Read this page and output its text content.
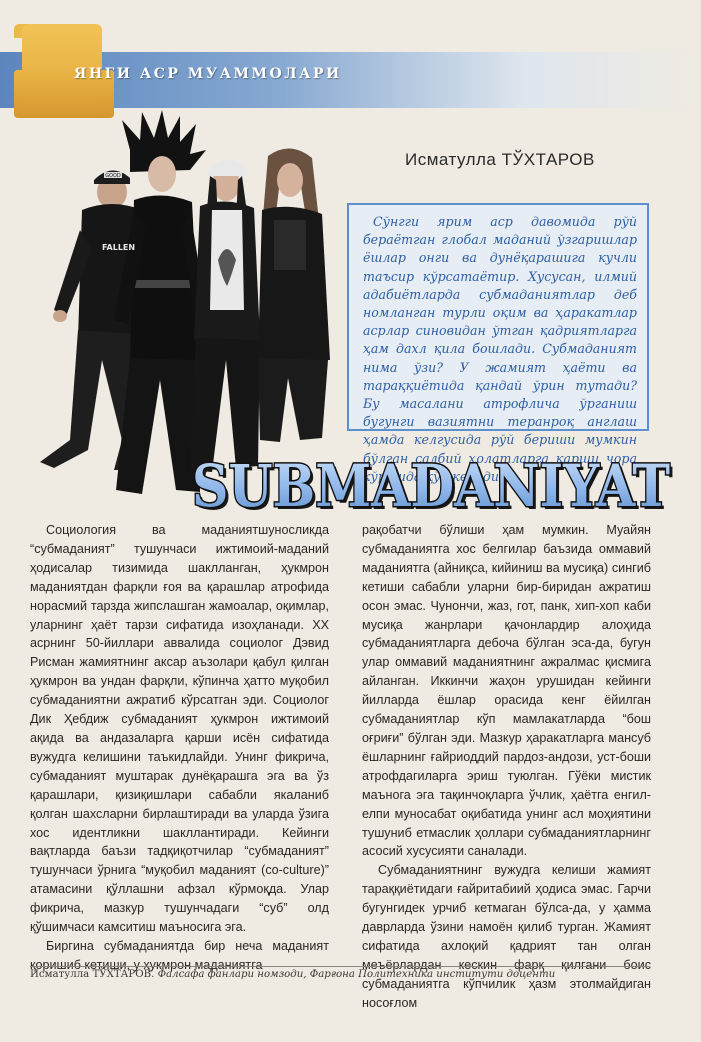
ЯНГИ АСР МУАММОЛАРИ
Исматулла ТЎХТАРОВ
GOOD
FALLEN

Сўнгги ярим аср давомида рўй бераётган глобал маданий ўзгаришлар ёшлар онги ва дунёқарашига кучли таъсир кўрсатаётир. Хусусан, илмий адабиётларда субмаданиятлар деб номланган турли оқим ва ҳаракатлар асрлар синовидан ўтган қадриятларга ҳам дахл қила бошлади. Субмаданият нима ўзи? У жамият ҳаёти ва тараққиётида қандай ўрин тутади? Бу масалани атрофлича ўрганиш бугунги вазиятни теранроқ англаш ҳамда келгусида рўй бериши мумкин бўлган салбий ҳолатларга қарши чора кўришда қўл келади.

SUBMADANIYAT
SUBMADANIYAT

Социология ва маданиятшуносликда “субмаданият” тушунчаси ижтимоий-маданий ҳодисалар тизимида шаклланган, ҳукмрон маданиятдан фарқли ғоя ва қарашлар атрофида норасмий тарзда жипслашган жамоалар, оқимлар, уларнинг ҳаёт тарзи сифатида изоҳланади. XX асрнинг 50-йиллари аввалида социолог Дэвид Рисман жамиятнинг аксар аъзолари қабул қилган ҳукмрон ва ундан фарқли, кўпинча ҳатто муқобил субмаданиятни ажратиб кўрсатган эди. Социолог Дик Ҳебдиж субмаданият ҳукмрон ижтимоий ақида ва андазаларга қарши исён сифатида вужудга келишини таъкидлайди. Унинг фикрича, субмаданият муштарак дунёқарашга эга ва ўз қарашлари, қизиқишлари сабабли якаланиб қолган шахсларни бирлаштиради ва уларда ўзига хос идентликни шакллантиради. Кейинги вақтларда баъзи тадқиқотчилар “субмаданият” тушунчаси ўрнига “муқобил маданият (co-culture)” атамасини қўллашни афзал кўрмоқда. Улар фикрича, мазкур тушунчадаги “суб” олд қўшимчаси камситиш маъносига эга.

Биргина субмаданиятда бир неча маданият қоришиб кетиши, у ҳукмрон маданиятга

рақобатчи бўлиши ҳам мумкин. Муайян субмаданиятга хос белгилар баъзида оммавий маданиятга (айниқса, кийиниш ва мусиқа) сингиб кетиши сабабли уларни бир-биридан ажратиш осон эмас. Чунончи, жаз, гот, панк, хип-хоп каби мусиқа жанрлари қачонлардир алоҳида субмаданиятларга дебоча бўлган эса-да, бугун улар оммавий маданиятнинг ажралмас қисмига айланган. Иккинчи жаҳон урушидан кейинги йилларда ёшлар орасида кенг ёйилган субмаданиятлар кўп мамлакатларда “бош оғриғи” бўлган эди. Мазкур ҳаракатларга мансуб ёшларнинг ғайриоддий пардоз-андози, уст-боши атрофдагиларга эриш туюлган. Гўёки мистик маънога эга тақинчоқларга ўчлик, ҳаётга енгил-елпи муносабат оқибатида унинг асл моҳиятини тушуниб етмаслик ҳоллари субмаданиятларнинг асосий хусусияти саналади.

Субмаданиятнинг вужудга келиши жамият тараққиётидаги ғайритабиий ҳодиса эмас. Гарчи бугунгидек урчиб кетмаган бўлса-да, у ҳамма даврларда ўзини намоён қилиб турган. Жамият сифатида ахлоқий қадрият тан олган меъёрлардан кескин фарқ қилгани боис субмаданиятга кўпчилик ҳазм этолмайдиган носоғлом

Исматулла ТЎХТАРОВ. Фалсафа фанлари номзоди, Фарғона Политехника институти доценти
